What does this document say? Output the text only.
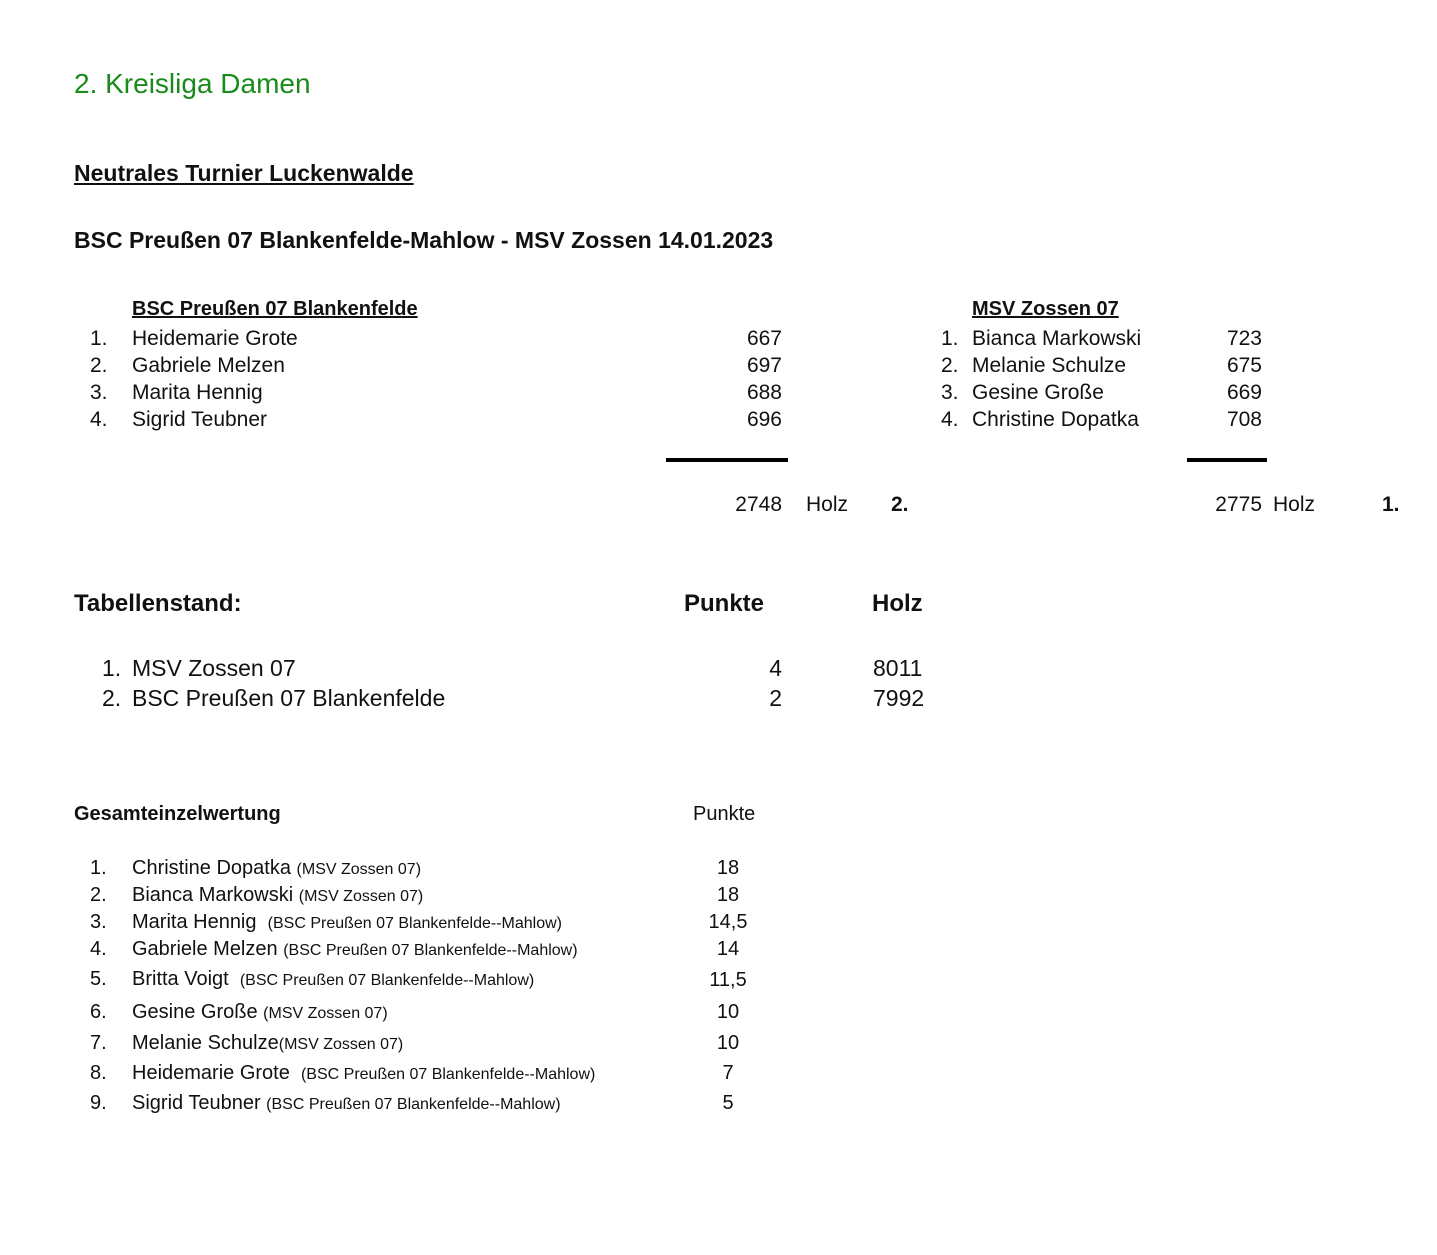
2. Kreisliga Damen
Neutrales Turnier Luckenwalde
BSC Preußen 07 Blankenfelde-Mahlow - MSV Zossen 14.01.2023
BSC Preußen 07 Blankenfelde
1. Heidemarie Grote	667
2. Gabriele Melzen	697
3. Marita Hennig	688
4. Sigrid Teubner	696
2748 Holz 2.
MSV Zossen 07
1. Bianca Markowski	723
2. Melanie Schulze	675
3. Gesine Große	669
4. Christine Dopatka	708
2775 Holz	1.
Tabellenstand:	Punkte	Holz
1. MSV Zossen 07	4	8011
2. BSC Preußen 07 Blankenfelde	2	7992
Gesamteinzelwertung	Punkte
1. Christine Dopatka (MSV Zossen 07)	18
2. Bianca Markowski (MSV Zossen 07)	18
3. Marita Hennig (BSC Preußen 07 Blankenfelde--Mahlow)	14,5
4. Gabriele Melzen (BSC Preußen 07 Blankenfelde--Mahlow)	14
5. Britta Voigt (BSC Preußen 07 Blankenfelde--Mahlow)	11,5
6. Gesine Große (MSV Zossen 07)	10
7. Melanie Schulze(MSV Zossen 07)	10
8. Heidemarie Grote (BSC Preußen 07 Blankenfelde--Mahlow)	7
9. Sigrid Teubner (BSC Preußen 07 Blankenfelde--Mahlow)	5
